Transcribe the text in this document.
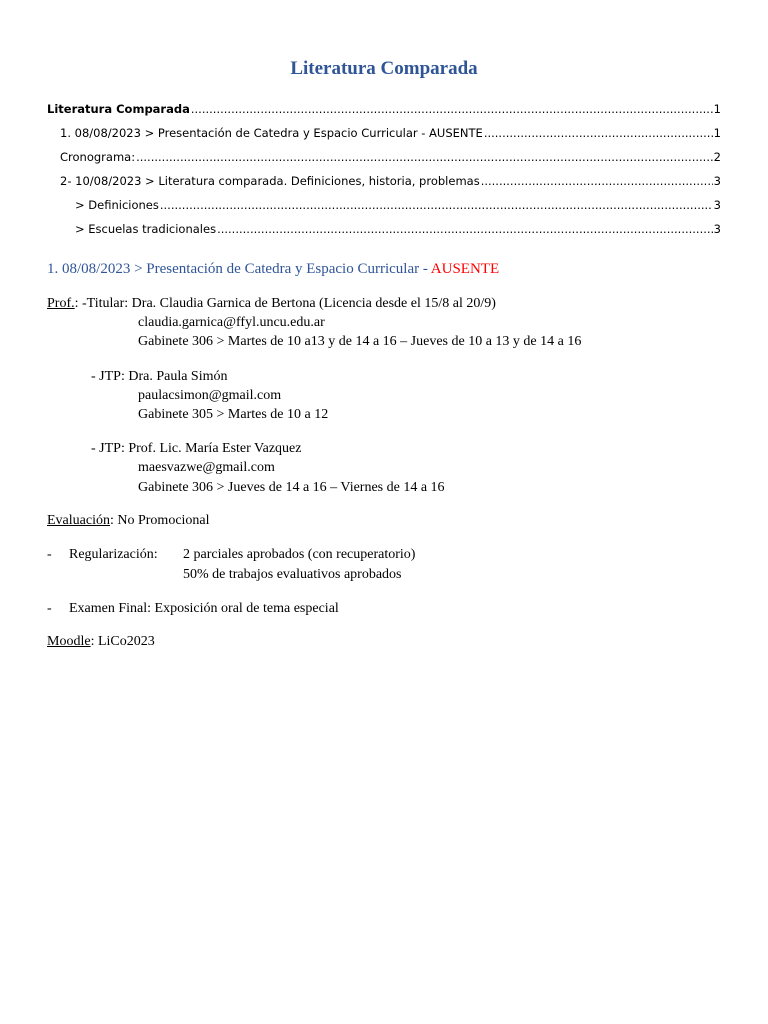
Literatura Comparada
Literatura Comparada .....	1
1. 08/08/2023 > Presentación de Catedra y Espacio Curricular - AUSENTE .....	1
Cronograma: .....	2
2- 10/08/2023 > Literatura comparada. Definiciones, historia, problemas .....	3
> Definiciones .....	3
> Escuelas tradicionales .....	3
1. 08/08/2023 > Presentación de Catedra y Espacio Curricular - AUSENTE
Prof.: -Titular: Dra. Claudia Garnica de Bertona (Licencia desde el 15/8 al 20/9)
claudia.garnica@ffyl.uncu.edu.ar
Gabinete 306 > Martes de 10 a13 y de 14 a 16 – Jueves de 10 a 13 y de 14 a 16
- JTP: Dra. Paula Simón
paulacsimon@gmail.com
Gabinete 305 > Martes de 10 a 12
- JTP: Prof. Lic. María Ester Vazquez
maesvazwe@gmail.com
Gabinete 306 > Jueves de 14 a 16 – Viernes de 14 a 16
Evaluación: No Promocional
- Regularización: 2 parciales aprobados (con recuperatorio)
50% de trabajos evaluativos aprobados
- Examen Final: Exposición oral de tema especial
Moodle: LiCo2023
